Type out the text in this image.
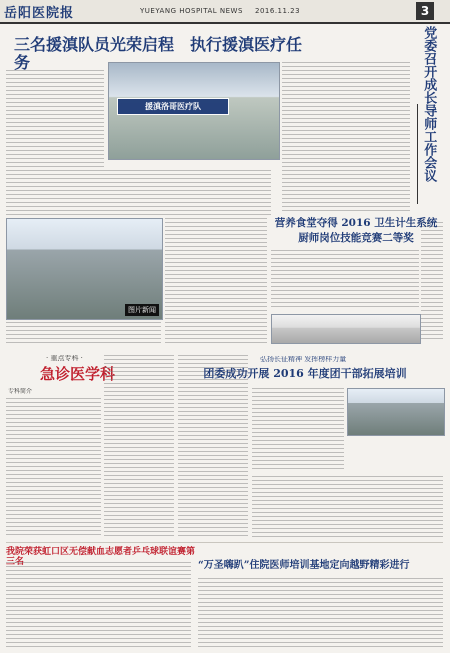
岳阳医院报	YUEYANG HOSPITAL NEWS 2016.11.23	3
三名援滇队员光荣启程　执行援滇医疗任务
援滇洛哥医疗队	党委召开成长导师工作会议
图片新闻
营养食堂夺得 2016 卫生计生系统
厨师岗位技能竞赛二等奖
· 重点专科 ·
急诊医学科
专科简介
弘扬长征精神 发挥榜样力量
团委成功开展 2016 年度团干部拓展培训
我院荣获虹口区无偿献血志愿者乒乓球联谊赛第三名	“万圣嗨趴”住院医师培训基地定向越野精彩进行
